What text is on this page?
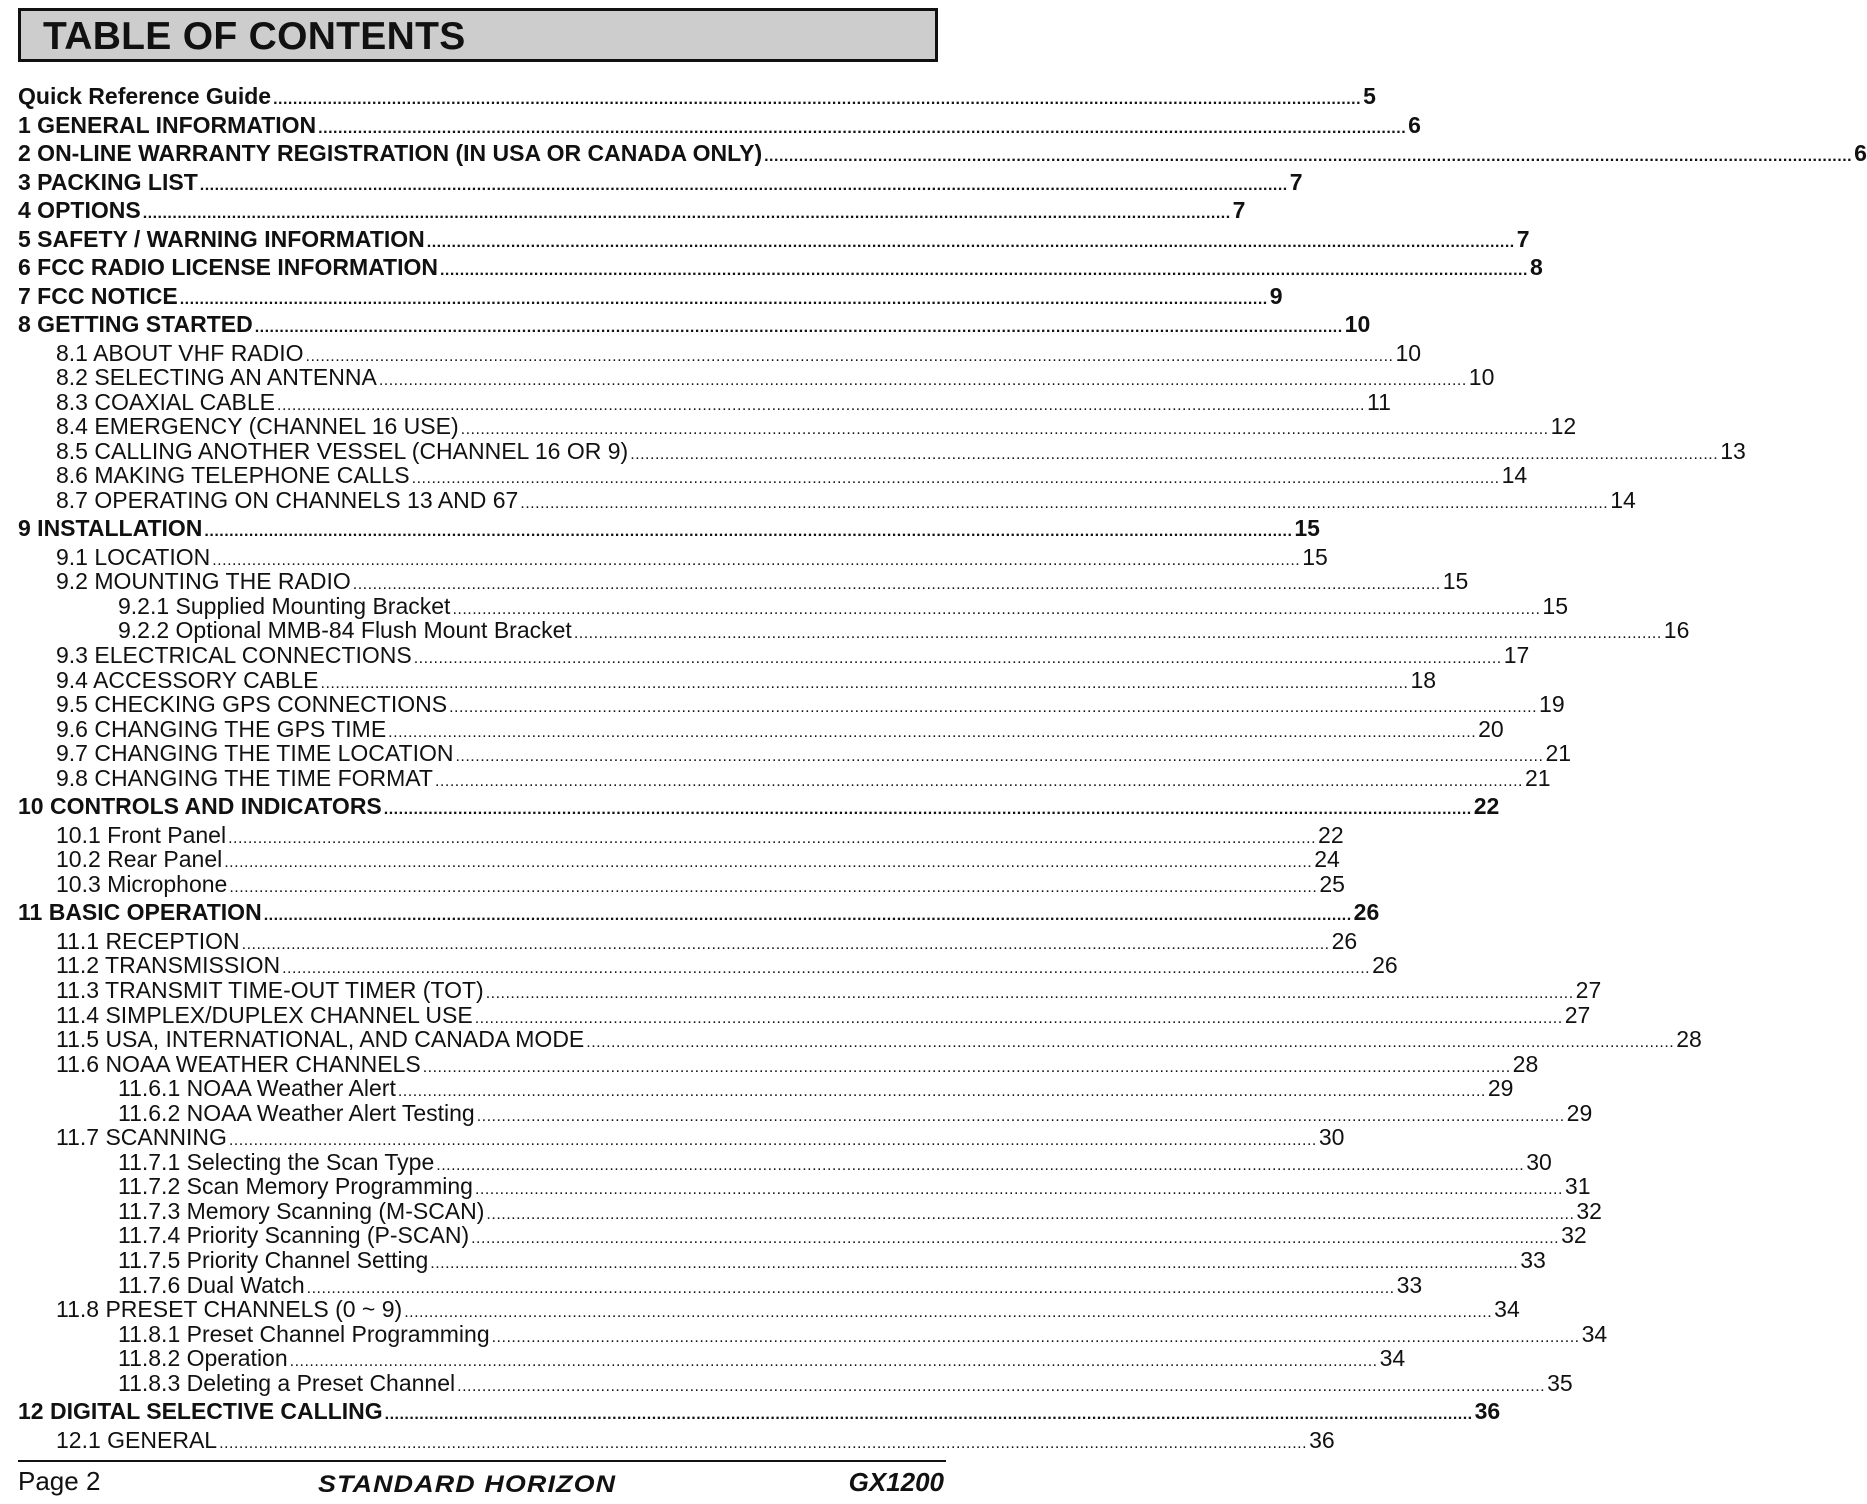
TABLE OF CONTENTS
Quick Reference Guide ............................................................................................................................................................................................................................ 5
1 GENERAL INFORMATION ............................................................................................................................................................................................................................ 6
2 ON-LINE WARRANTY REGISTRATION (IN USA OR CANADA ONLY) ............................................................................................................................................................................................................................ 6
3 PACKING LIST ............................................................................................................................................................................................................................ 7
4 OPTIONS ............................................................................................................................................................................................................................ 7
5 SAFETY / WARNING INFORMATION ............................................................................................................................................................................................................................ 7
6 FCC RADIO LICENSE INFORMATION ............................................................................................................................................................................................................................ 8
7 FCC NOTICE ............................................................................................................................................................................................................................ 9
8 GETTING STARTED ............................................................................................................................................................................................................................ 10
8.1 ABOUT VHF RADIO ............................................................................................................................................................................................................................ 10
8.2 SELECTING AN ANTENNA ............................................................................................................................................................................................................................ 10
8.3 COAXIAL CABLE ............................................................................................................................................................................................................................ 11
8.4 EMERGENCY (CHANNEL 16 USE) ............................................................................................................................................................................................................................ 12
8.5 CALLING ANOTHER VESSEL (CHANNEL 16 OR 9) ............................................................................................................................................................................................................................ 13
8.6 MAKING TELEPHONE CALLS ............................................................................................................................................................................................................................ 14
8.7 OPERATING ON CHANNELS 13 AND 67 ............................................................................................................................................................................................................................ 14
9 INSTALLATION ............................................................................................................................................................................................................................ 15
9.1 LOCATION ............................................................................................................................................................................................................................ 15
9.2 MOUNTING THE RADIO ............................................................................................................................................................................................................................ 15
9.2.1 Supplied Mounting Bracket ............................................................................................................................................................................................................................ 15
9.2.2 Optional MMB-84 Flush Mount Bracket ............................................................................................................................................................................................................................ 16
9.3 ELECTRICAL CONNECTIONS ............................................................................................................................................................................................................................ 17
9.4 ACCESSORY CABLE ............................................................................................................................................................................................................................ 18
9.5 CHECKING GPS CONNECTIONS ............................................................................................................................................................................................................................ 19
9.6 CHANGING THE GPS TIME ............................................................................................................................................................................................................................ 20
9.7 CHANGING THE TIME LOCATION ............................................................................................................................................................................................................................ 21
9.8 CHANGING THE TIME FORMAT ............................................................................................................................................................................................................................ 21
10 CONTROLS AND INDICATORS ............................................................................................................................................................................................................................ 22
10.1 Front Panel ............................................................................................................................................................................................................................ 22
10.2 Rear Panel ............................................................................................................................................................................................................................ 24
10.3 Microphone ............................................................................................................................................................................................................................ 25
11 BASIC OPERATION ............................................................................................................................................................................................................................ 26
11.1 RECEPTION ............................................................................................................................................................................................................................ 26
11.2 TRANSMISSION ............................................................................................................................................................................................................................ 26
11.3 TRANSMIT TIME-OUT TIMER (TOT) ............................................................................................................................................................................................................................ 27
11.4 SIMPLEX/DUPLEX CHANNEL USE ............................................................................................................................................................................................................................ 27
11.5 USA, INTERNATIONAL, AND CANADA MODE ............................................................................................................................................................................................................................ 28
11.6 NOAA WEATHER CHANNELS ............................................................................................................................................................................................................................ 28
11.6.1 NOAA Weather Alert ............................................................................................................................................................................................................................ 29
11.6.2 NOAA Weather Alert Testing ............................................................................................................................................................................................................................ 29
11.7 SCANNING ............................................................................................................................................................................................................................ 30
11.7.1 Selecting the Scan Type ............................................................................................................................................................................................................................ 30
11.7.2 Scan Memory Programming ............................................................................................................................................................................................................................ 31
11.7.3 Memory Scanning (M-SCAN) ............................................................................................................................................................................................................................ 32
11.7.4 Priority Scanning (P-SCAN) ............................................................................................................................................................................................................................ 32
11.7.5 Priority Channel Setting ............................................................................................................................................................................................................................ 33
11.7.6 Dual Watch ............................................................................................................................................................................................................................ 33
11.8 PRESET CHANNELS (0 ~ 9) ............................................................................................................................................................................................................................ 34
11.8.1 Preset Channel Programming ............................................................................................................................................................................................................................ 34
11.8.2 Operation ............................................................................................................................................................................................................................ 34
11.8.3 Deleting a Preset Channel ............................................................................................................................................................................................................................ 35
12 DIGITAL SELECTIVE CALLING ............................................................................................................................................................................................................................ 36
12.1 GENERAL ............................................................................................................................................................................................................................ 36
Page 2	STANDARD HORIZON	GX1200
